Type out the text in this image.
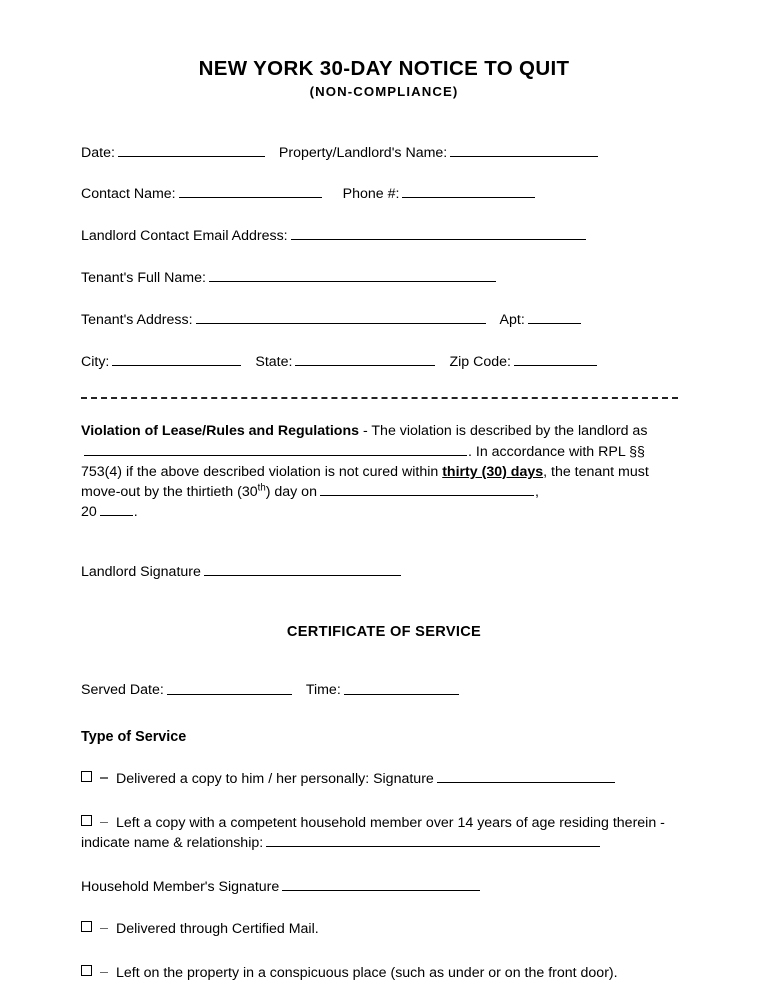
NEW YORK 30-DAY NOTICE TO QUIT
(NON-COMPLIANCE)
Date:	Property/Landlord's Name:
Contact Name:	Phone #:
Landlord Contact Email Address:
Tenant's Full Name:
Tenant's Address:	Apt:
City:	State:	Zip Code:
Violation of Lease/Rules and Regulations - The violation is described by the landlord as. In accordance with RPL §§ 753(4) if the above described violation is not cured within thirty (30) days, the tenant must move-out by the thirtieth (30th) day on	,
20	.
Landlord Signature
CERTIFICATE OF SERVICE
Served Date:	Time:
Type of Service
Delivered a copy to him / her personally: Signature
Left a copy with a competent household member over 14 years of age residing therein - indicate name & relationship:
Household Member's Signature
Delivered through Certified Mail.
Left on the property in a conspicuous place (such as under or on the front door).
